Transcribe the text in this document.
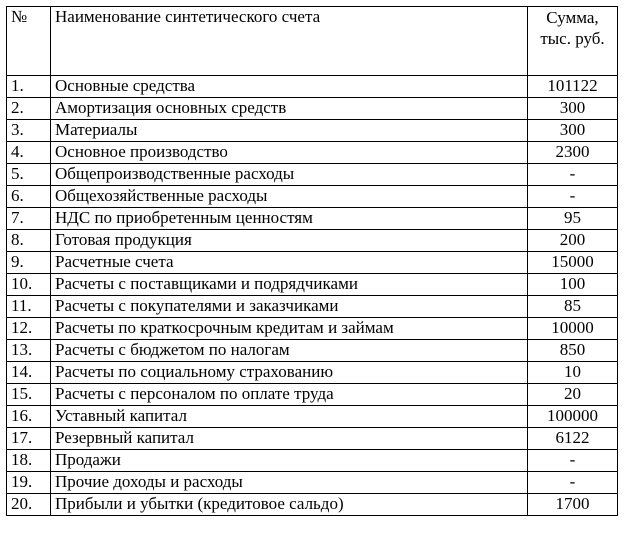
№	Наименование синтетического счета	Сумма, тыс. руб.
1.	Основные средства	101122
2.	Амортизация основных средств	300
3.	Материалы	300
4.	Основное производство	2300
5.	Общепроизводственные расходы	-
6.	Общехозяйственные расходы	-
7.	НДС по приобретенным ценностям	95
8.	Готовая продукция	200
9.	Расчетные счета	15000
10.	Расчеты с поставщиками и подрядчиками	100
11.	Расчеты с покупателями и заказчиками	85
12.	Расчеты по краткосрочным кредитам и займам	10000
13.	Расчеты с бюджетом по налогам	850
14.	Расчеты по социальному страхованию	10
15.	Расчеты с персоналом по оплате труда	20
16.	Уставный капитал	100000
17.	Резервный капитал	6122
18.	Продажи	-
19.	Прочие доходы и расходы	-
20.	Прибыли и убытки (кредитовое сальдо)	1700
